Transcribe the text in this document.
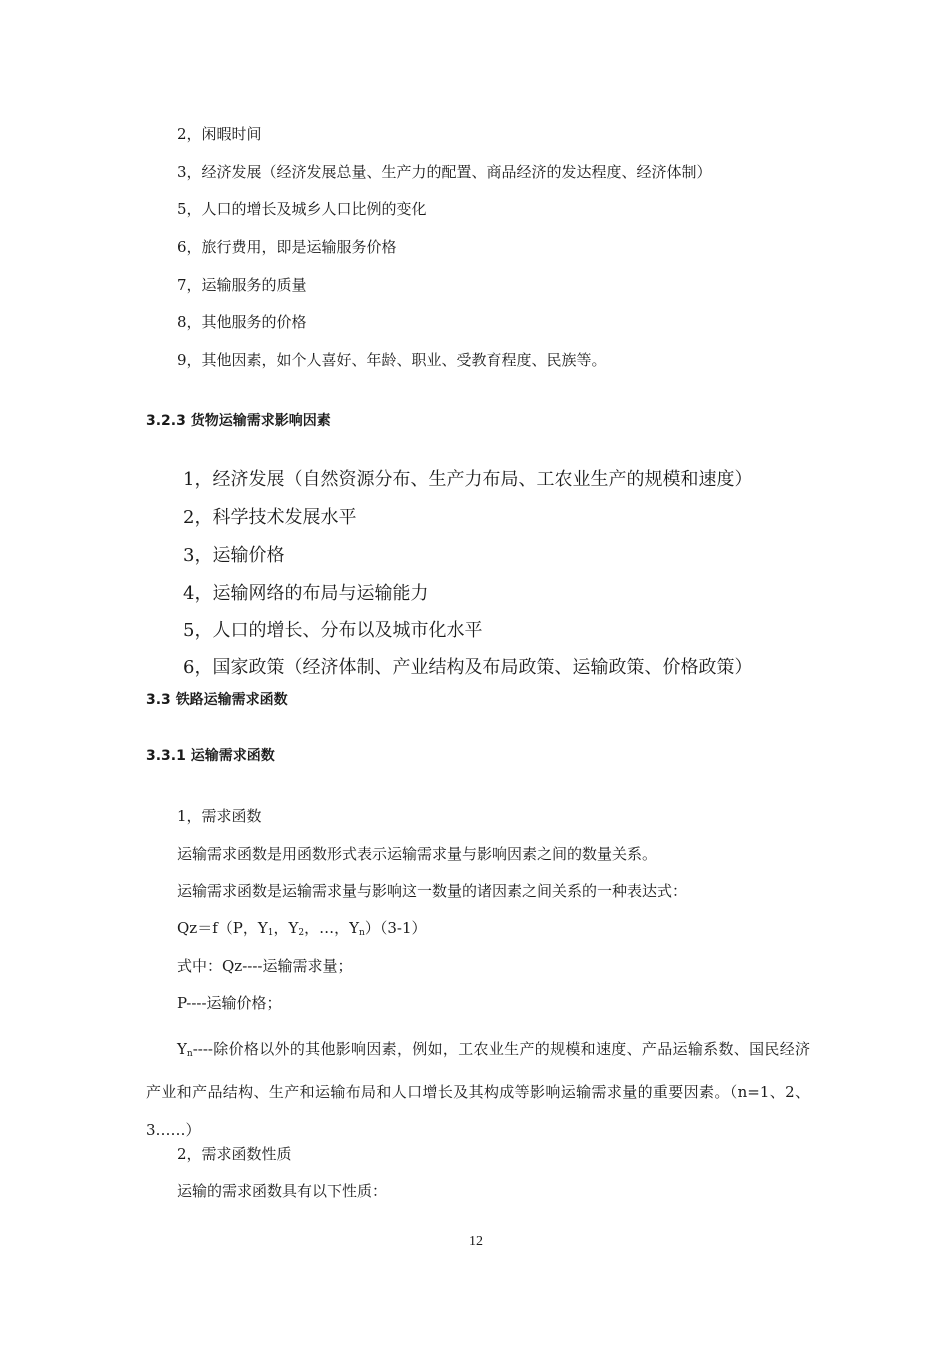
2，闲暇时间
3，经济发展（经济发展总量、生产力的配置、商品经济的发达程度、经济体制）
5，人口的增长及城乡人口比例的变化
6，旅行费用，即是运输服务价格
7，运输服务的质量
8，其他服务的价格
9，其他因素，如个人喜好、年龄、职业、受教育程度、民族等。
3.2.3 货物运输需求影响因素
1，经济发展（自然资源分布、生产力布局、工农业生产的规模和速度）
2，科学技术发展水平
3，运输价格
4，运输网络的布局与运输能力
5，人口的增长、分布以及城市化水平
6，国家政策（经济体制、产业结构及布局政策、运输政策、价格政策）
3.3 铁路运输需求函数
3.3.1 运输需求函数
1，需求函数
运输需求函数是用函数形式表示运输需求量与影响因素之间的数量关系。
运输需求函数是运输需求量与影响这一数量的诸因素之间关系的一种表达式：
Qz＝f（P，$Y_1$，$Y_2$，…，$Y_n)(3-1)$
式中：Qz----运输需求量；
P----运输价格；
$Y_n----$除价格以外的其他影响因素，例如，工农业生产的规模和速度、产品运输系数、国民经济产业和产品结构、生产和运输布局和人口增长及其构成等影响运输需求量的重要因素。（n=1、2、3……）
2，需求函数性质
运输的需求函数具有以下性质：
12
